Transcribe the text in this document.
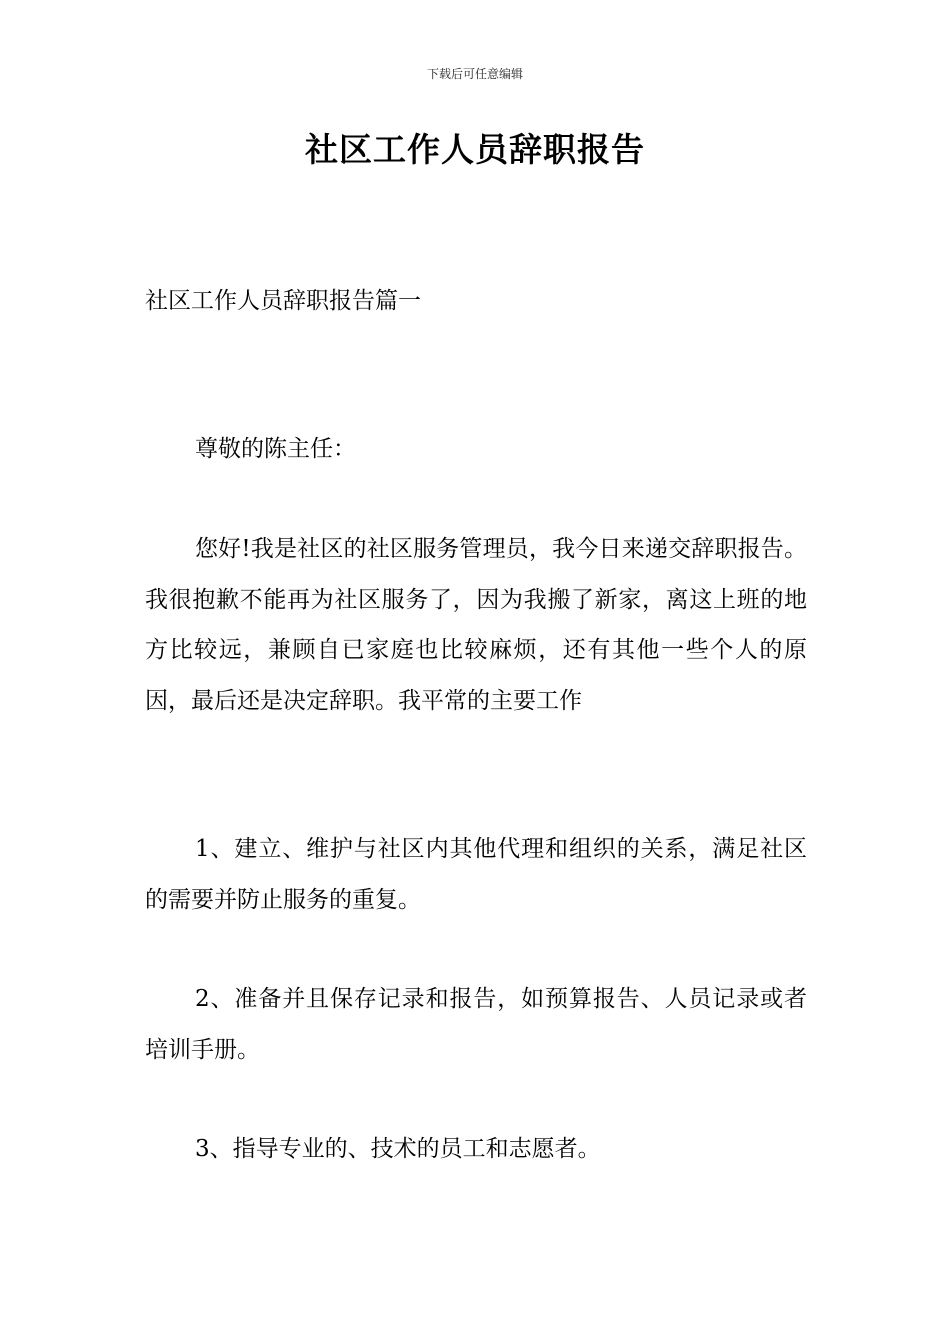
下载后可任意编辑
社区工作人员辞职报告
社区工作人员辞职报告篇一

尊敬的陈主任：

您好!我是社区的社区服务管理员，我今日来递交辞职报告。我很抱歉不能再为社区服务了，因为我搬了新家，离这上班的地方比较远，兼顾自已家庭也比较麻烦，还有其他一些个人的原因，最后还是决定辞职。我平常的主要工作

1、建立、维护与社区内其他代理和组织的关系，满足社区的需要并防止服务的重复。

2、准备并且保存记录和报告，如预算报告、人员记录或者培训手册。

3、指导专业的、技术的员工和志愿者。
